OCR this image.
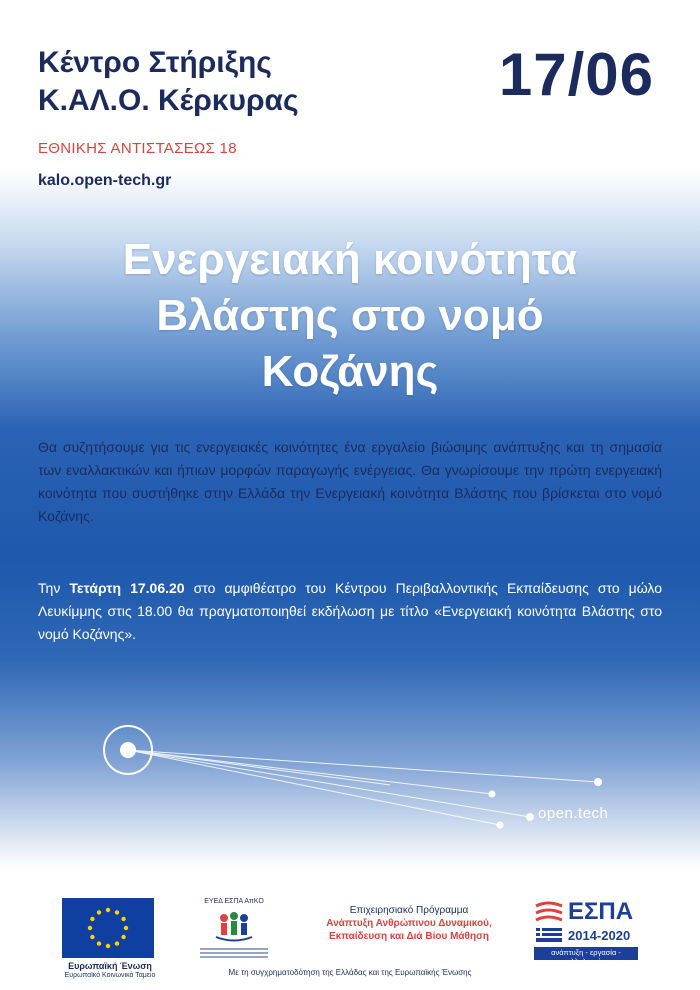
Κέντρο Στήριξης
Κ.ΑΛ.Ο. Κέρκυρας	17/06
ΕΘΝΙΚΗΣ ΑΝΤΙΣΤΑΣΕΩΣ 18
kalo.open-tech.gr
Ενεργειακή κοινότητα
Βλάστης στο νομό
Κοζάνης

Θα συζητήσουμε για τις ενεργειακές κοινότητες ένα εργαλείο βιώσιμης ανάπτυξης και τη σημασία των εναλλακτικών και ήπιων μορφών παραγωγής ενέργειας. Θα γνωρίσουμε την πρώτη ενεργειακή κοινότητα που συστήθηκε στην Ελλάδα την Ενεργειακή κοινότητα Βλάστης που βρίσκεται στο νομό Κοζάνης.

Την Τετάρτη 17.06.20 στο αμφιθέατρο του Κέντρου Περιβαλλοντικής Εκπαίδευσης στο μώλο Λευκίμμης στις 18.00 θα πραγματοποιηθεί εκδήλωση με τίτλο «Ενεργειακή κοινότητα Βλάστης στο νομό Κοζάνης».

open.tech
Ευρωπαϊκή Ένωση
Ευρωπαϊκό Κοινωνικό Ταμείο
ΕΥΕΔ ΕΣΠΑ ΑπΚΟ
Επιχειρησιακό Πρόγραμμα
Ανάπτυξη Ανθρώπινου Δυναμικού,
Εκπαίδευση και Διά Βίου Μάθηση
ΕΣΠΑ
2014-2020
ανάπτυξη - εργασία - αλληλεγγύη
Με τη συγχρηματοδότηση της Ελλάδας και της Ευρωπαϊκής Ένωσης
